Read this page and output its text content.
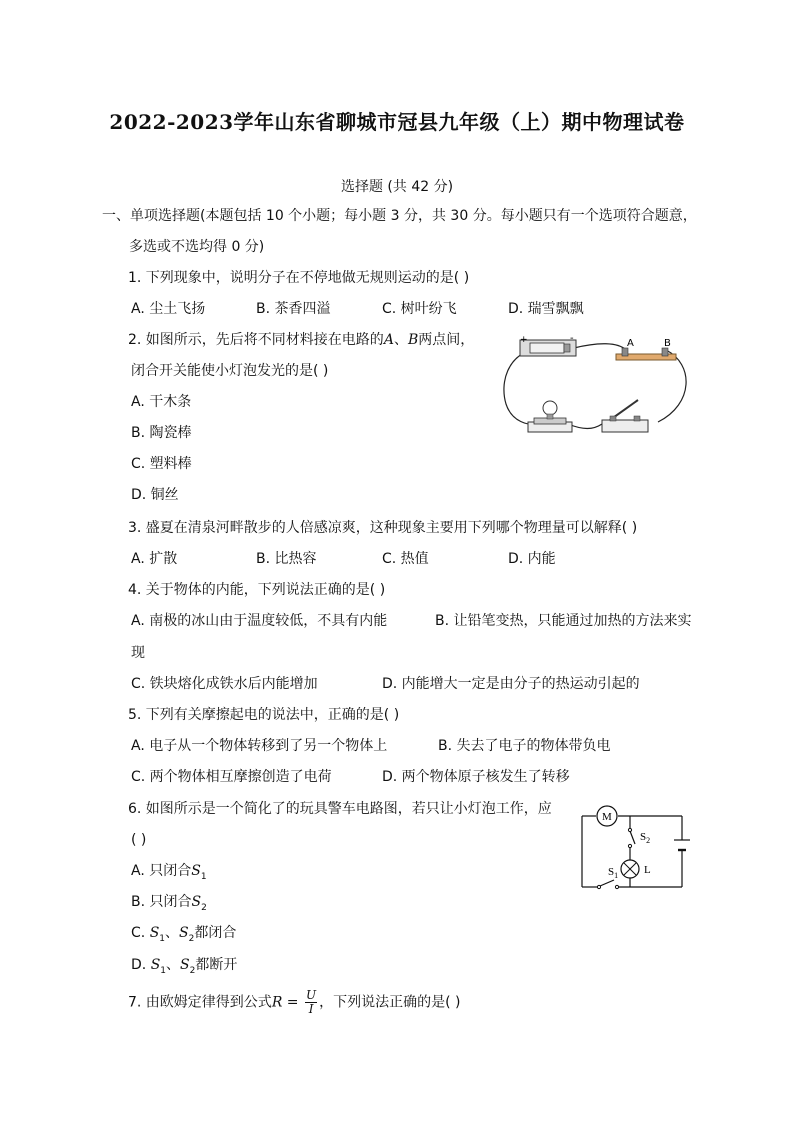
2022-2023学年山东省聊城市冠县九年级（上）期中物理试卷
选择题 (共 42 分)
一、单项选择题(本题包括 10 个小题；每小题 3 分，共 30 分。每小题只有一个选项符合题意，
多选或不选均得 0 分)
1. 下列现象中，说明分子在不停地做无规则运动的是( )
A. 尘土飞扬	B. 茶香四溢	C. 树叶纷飞	D. 瑞雪飘飘
2. 如图所示，先后将不同材料接在电路的A、B两点间，
闭合开关能使小灯泡发光的是( )
A. 干木条
B. 陶瓷棒
C. 塑料棒
D. 铜丝
+	-	A	B
3. 盛夏在清泉河畔散步的人倍感凉爽，这种现象主要用下列哪个物理量可以解释( )
A. 扩散	B. 比热容	C. 热值	D. 内能
4. 关于物体的内能，下列说法正确的是( )
A. 南极的冰山由于温度较低，不具有内能	B. 让铅笔变热，只能通过加热的方法来实
现
C. 铁块熔化成铁水后内能增加	D. 内能增大一定是由分子的热运动引起的
5. 下列有关摩擦起电的说法中，正确的是( )
A. 电子从一个物体转移到了另一个物体上	B. 失去了电子的物体带负电
C. 两个物体相互摩擦创造了电荷	D. 两个物体原子核发生了转移
6. 如图所示是一个简化了的玩具警车电路图，若只让小灯泡工作，应
( )
A. 只闭合$S_1$
B. 只闭合$S_2$
C. $S_1$、$S_2$都闭合
D. $S_1$、$S_2$都断开
M
$S_2$
L
$S_1$
7. 由欧姆定律得到公式$R = \frac{U}{I}$ ，下列说法正确的是( )
